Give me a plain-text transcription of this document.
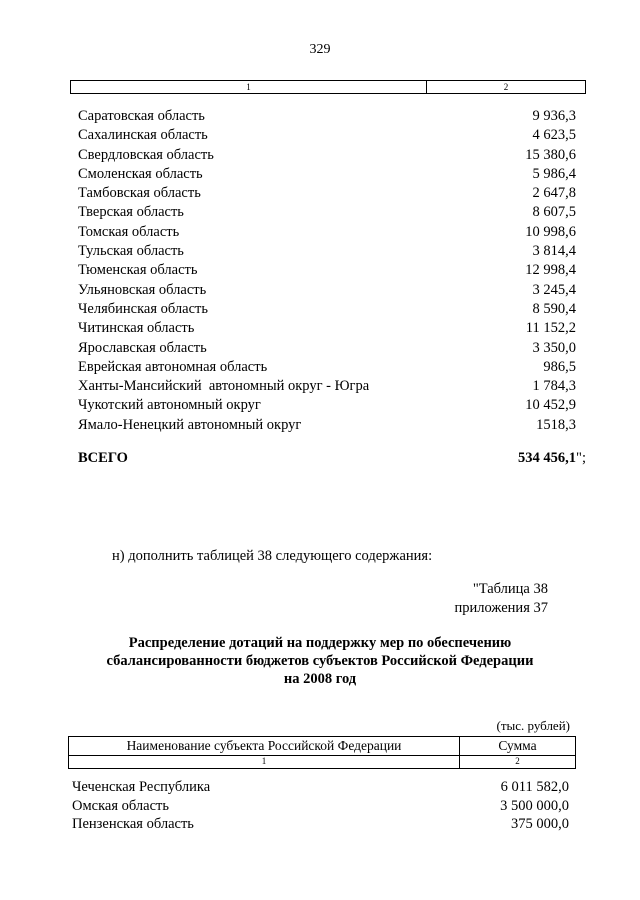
329
1	2
Саратовская область	9 936,3
Сахалинская область	4 623,5
Свердловская область	15 380,6
Смоленская область	5 986,4
Тамбовская область	2 647,8
Тверская область	8 607,5
Томская область	10 998,6
Тульская область	3 814,4
Тюменская область	12 998,4
Ульяновская область	3 245,4
Челябинская область	8 590,4
Читинская область	11 152,2
Ярославская область	3 350,0
Еврейская автономная область	986,5
Ханты-Мансийский  автономный округ - Югра	1 784,3
Чукотский автономный округ	10 452,9
Ямало-Ненецкий автономный округ	1518,3
ВСЕГО	534 456,1";
н) дополнить таблицей 38 следующего содержания:
"Таблица 38
приложения 37
Распределение дотаций на поддержку мер по обеспечению
сбалансированности бюджетов субъектов Российской Федерации
на 2008 год
(тыс. рублей)
Наименование субъекта Российской Федерации	Сумма
1	2
Чеченская Республика	6 011 582,0
Омская область	3 500 000,0
Пензенская область	375 000,0
